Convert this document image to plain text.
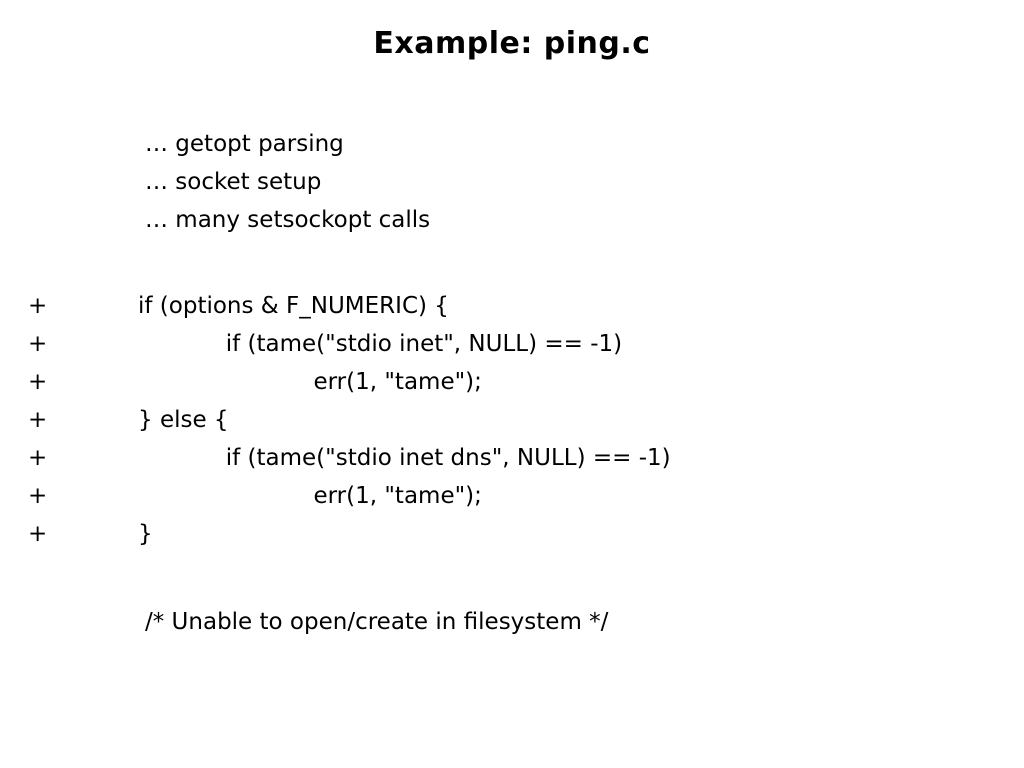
Example: ping.c
… getopt parsing
… socket setup
… many setsockopt calls
+	if (options & F_NUMERIC) {
+	if (tame("stdio inet", NULL) == -1)
+	err(1, "tame");
+	} else {
+	if (tame("stdio inet dns", NULL) == -1)
+	err(1, "tame");
+	}
/* Unable to open/create in filesystem */
